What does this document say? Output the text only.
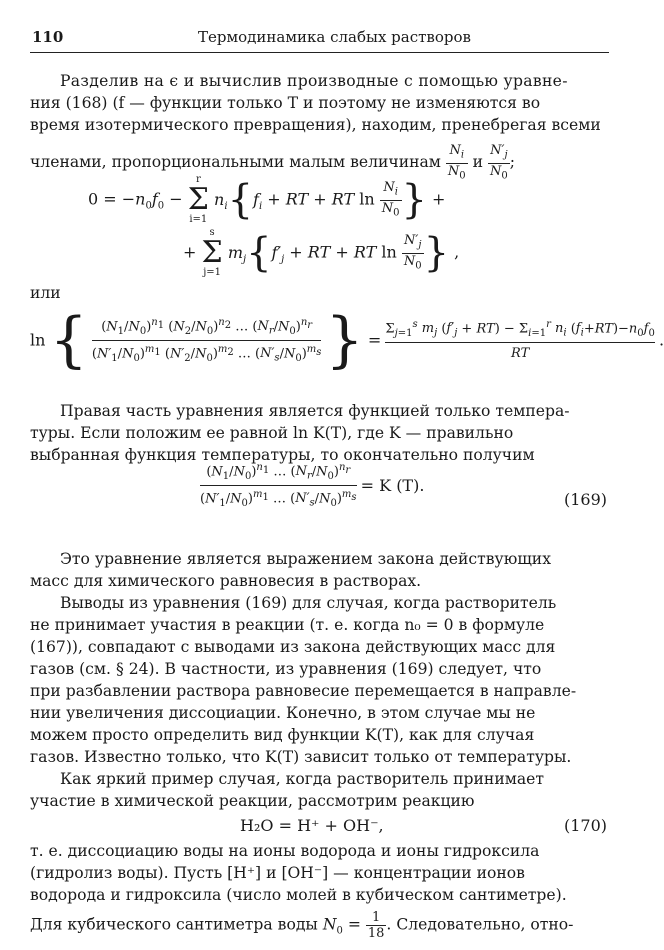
110	Термодинамика слабых растворов
Разделив на ϵ и вычислив производные с помощью уравне-
ния (168) (f — функции только T и поэтому не изменяются во
время изотермического превращения), находим, пренебрегая всеми
членами, пропорциональными малым величинам $\frac{N_i}{N_0}$ и $\frac{N'_j}{N_0}$ ;
$0 = -n_0f_0 - r$
Σ
i=1 $n_i\{f_i$ + RT + RT $\ln \frac{N_i}{N_0}$ } +
+ s
Σ
j=1 $m_j\{f'_j$ + RT + RT $\ln \frac{N'_j}{N_0}$ } ,
или
ln { $\frac{(N_1/N_0)^{n_1} (N_2/N_0)^{n_2} \dots (N_r/N_0)^{n_r}}{(N'_1/N_0)^{m_1} (N'_2/N_0)^{m_2} \dots (N'_s/N_0)^{m_s}}$ } = $\frac{\Sigma_{j=1}^s m_j (f'_j + RT) - \Sigma_{i=1}^r n_i (f_i+RT)-n_0f_0}{RT}$ .
Правая часть уравнения является функцией только темпера-
туры. Если положим ее равной ln K(T), где K — правильно
выбранная функция температуры, то окончательно получим
$\frac{(N_1/N_0)^{n_1} \dots (N_r/N_0)^{n_r}}{(N'_1/N_0)^{m_1} \dots (N'_s/N_0)^{m_s}} = K$ (T).
(169)
Это уравнение является выражением закона действующих
масс для химического равновесия в растворах.
Выводы из уравнения (169) для случая, когда растворитель
не принимает участия в реакции (т. е. когда n₀ = 0 в формуле
(167)), совпадают с выводами из закона действующих масс для
газов (см. § 24). В частности, из уравнения (169) следует, что
при разбавлении раствора равновесие перемещается в направле-
нии увеличения диссоциации. Конечно, в этом случае мы не
можем просто определить вид функции K(T), как для случая
газов. Известно только, что K(T) зависит только от температуры.
Как яркий пример случая, когда растворитель принимает
участие в химической реакции, рассмотрим реакцию
H₂O = H⁺ + OH⁻,	(170)
т. е. диссоциацию воды на ионы водорода и ионы гидроксила
(гидролиз воды). Пусть [H⁺] и [OH⁻] — концентрации ионов
водорода и гидроксила (число молей в кубическом сантиметре).
Для кубического сантиметра воды $N_0 = \frac{1}{18}$ . Следовательно, отно-
